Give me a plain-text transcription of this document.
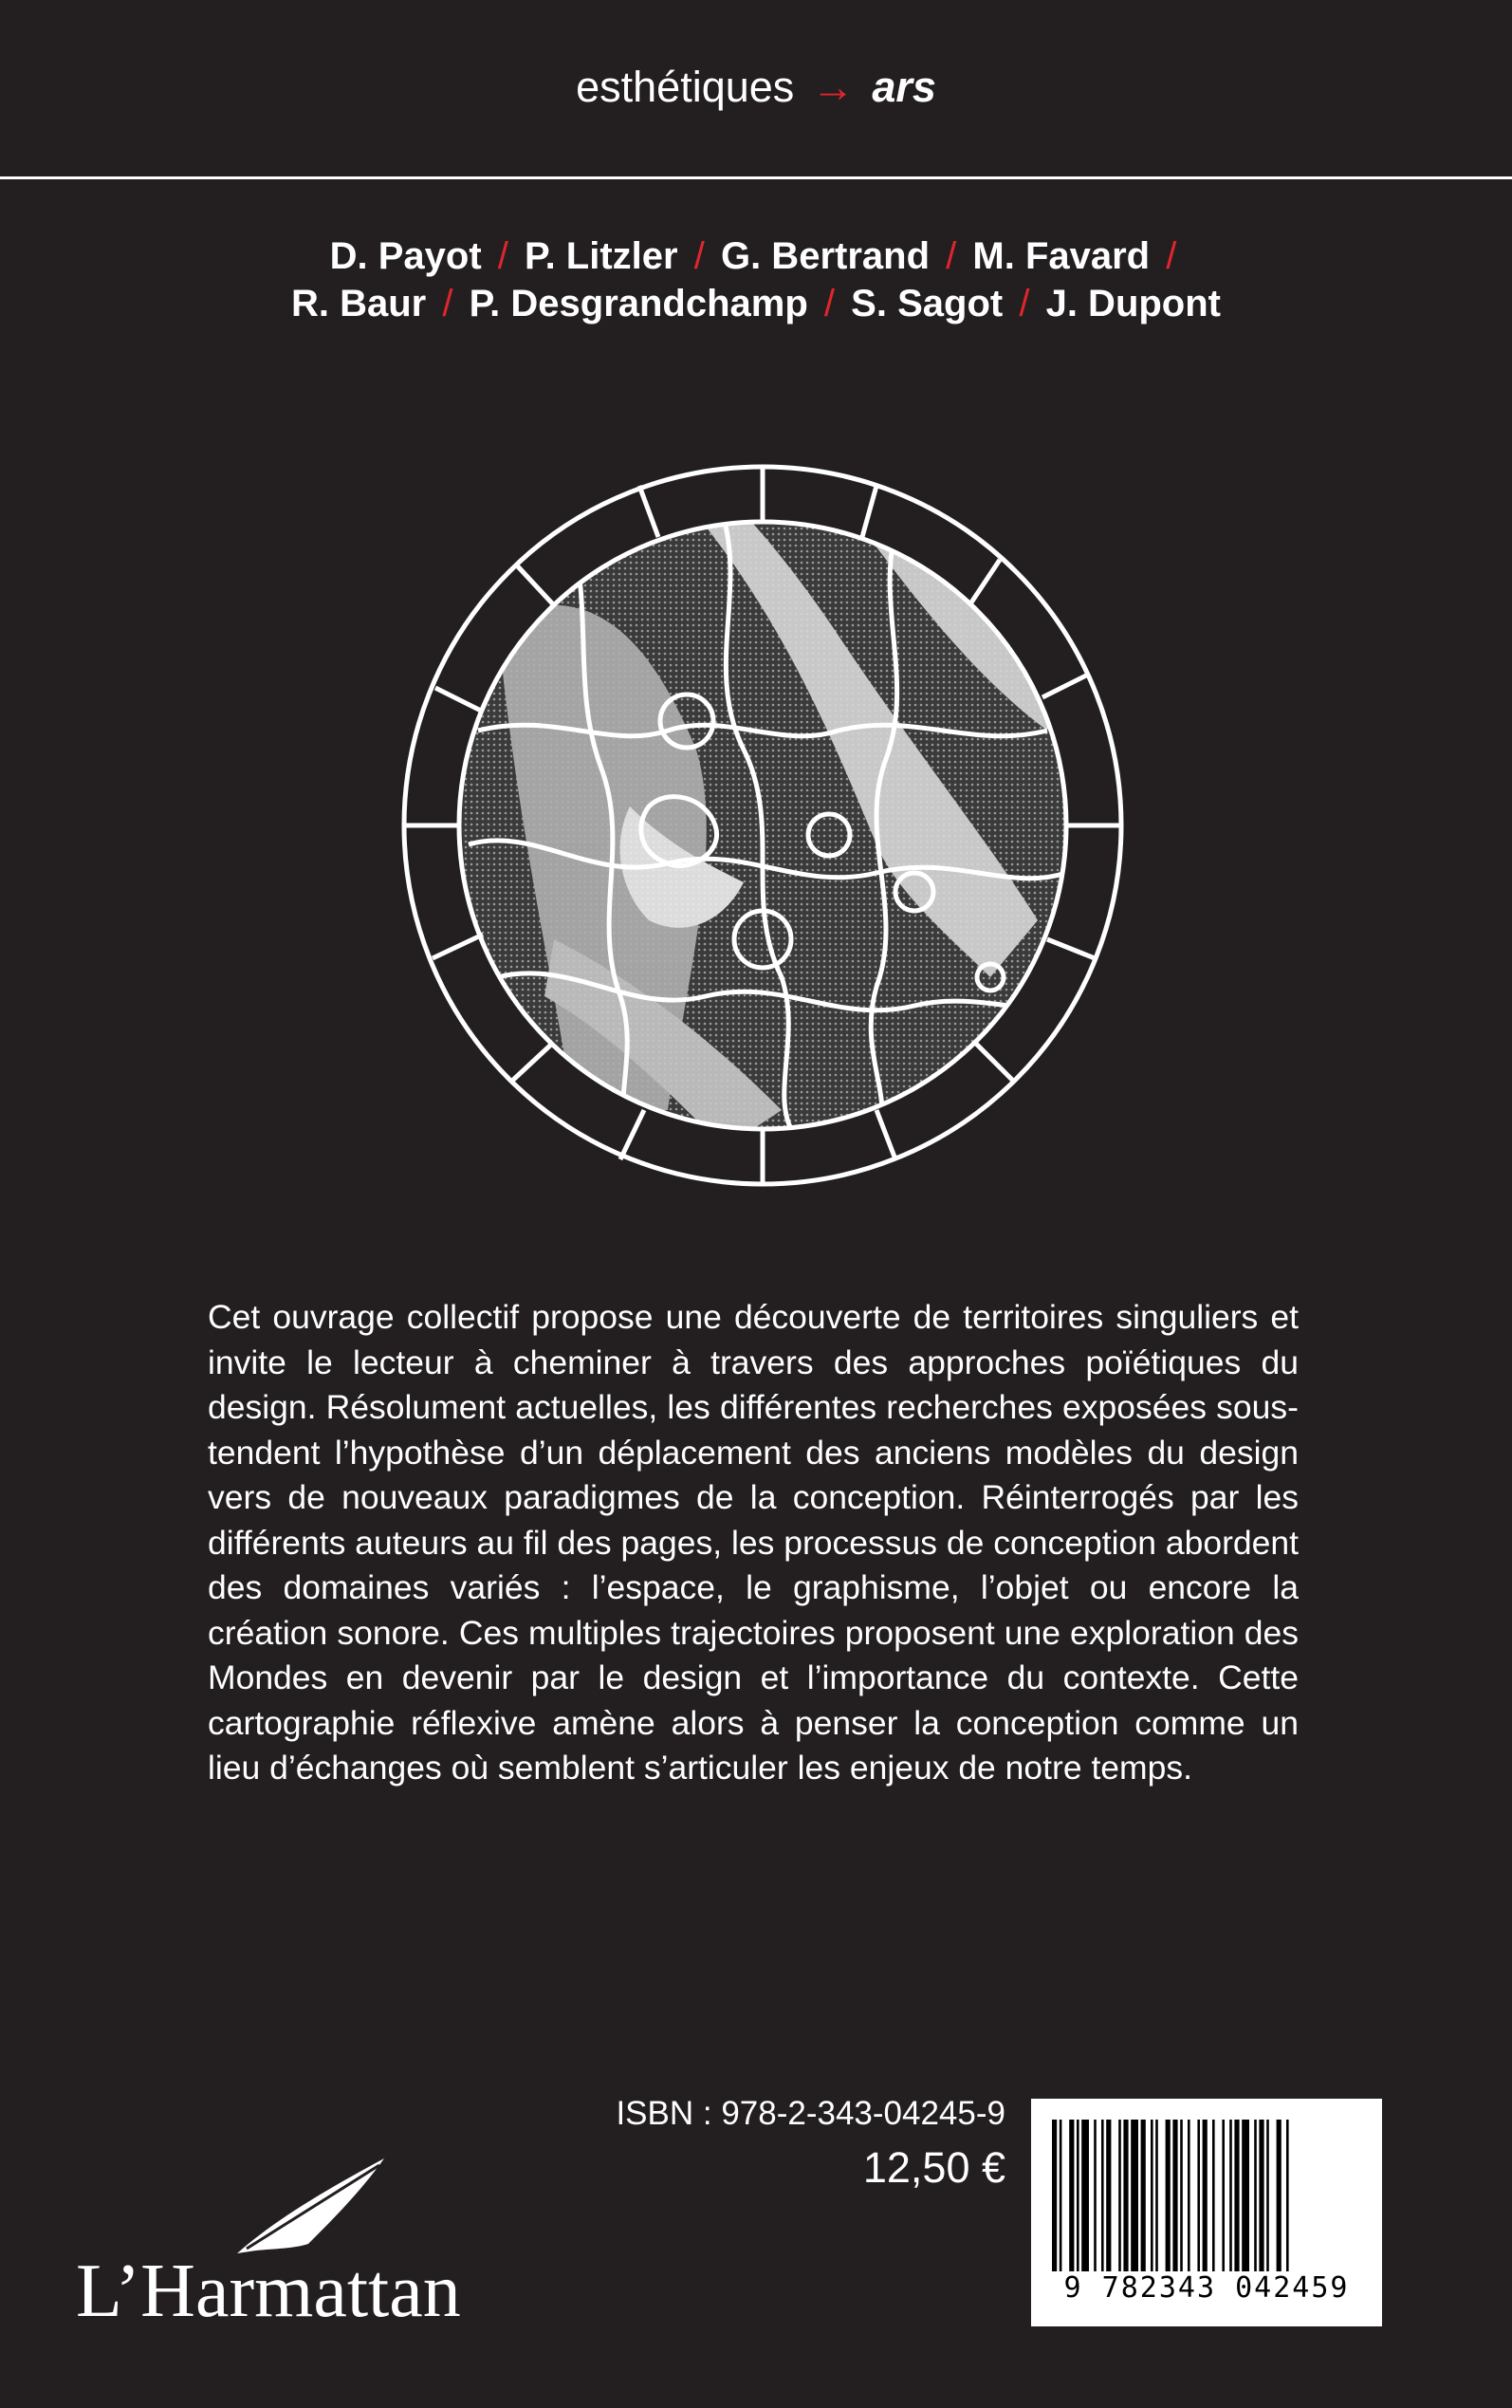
esthétiques → ars
D. Payot / P. Litzler / G. Bertrand / M. Favard /
R. Baur / P. Desgrandchamp / S. Sagot / J. Dupont
Cet ouvrage collectif propose une découverte de territoires singuliers et invite le lecteur à cheminer à travers des approches poïétiques du design. Résolument actuelles, les différentes recherches exposées sous-tendent l’hypothèse d’un déplacement des anciens modèles du design vers de nouveaux paradigmes de la conception. Réinterrogés par les différents auteurs au fil des pages, les processus de conception abordent des domaines variés : l’espace, le graphisme, l’objet ou encore la création sonore. Ces multiples trajectoires proposent une exploration des Mondes en devenir par le design et l’importance du contexte. Cette cartographie réflexive amène alors à penser la conception comme un lieu d’échanges où semblent s’articuler les enjeux de notre temps.
ISBN : 978-2-343-04245-9
12,50 €
9 782343 042459
L’Harmattan
